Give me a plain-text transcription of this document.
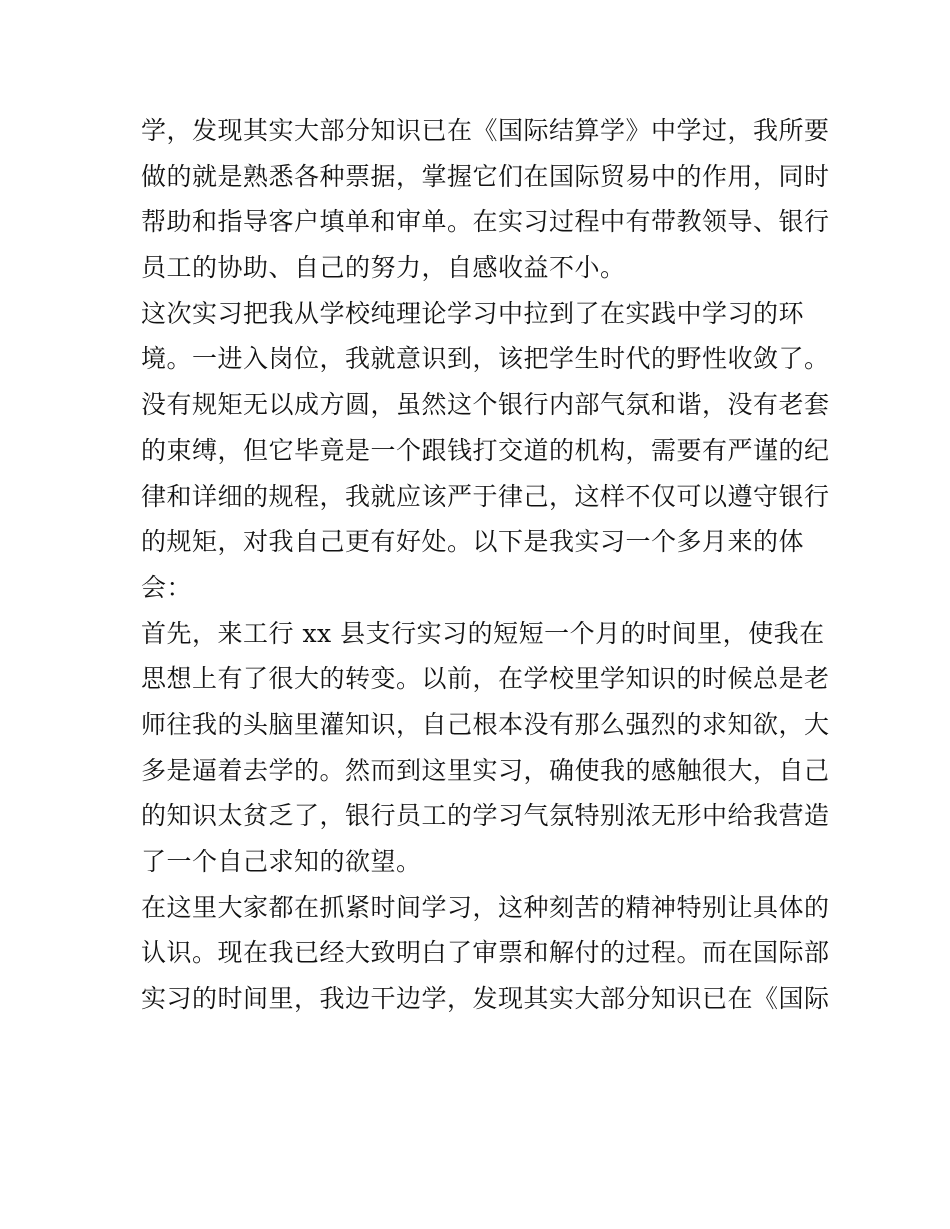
学，发现其实大部分知识已在《国际结算学》中学过，我所要
做的就是熟悉各种票据，掌握它们在国际贸易中的作用，同时
帮助和指导客户填单和审单。在实习过程中有带教领导、银行
员工的协助、自己的努力，自感收益不小。
这次实习把我从学校纯理论学习中拉到了在实践中学习的环
境。一进入岗位，我就意识到，该把学生时代的野性收敛了。
没有规矩无以成方圆，虽然这个银行内部气氛和谐，没有老套
的束缚，但它毕竟是一个跟钱打交道的机构，需要有严谨的纪
律和详细的规程，我就应该严于律己，这样不仅可以遵守银行
的规矩，对我自己更有好处。以下是我实习一个多月来的体
会：
首先，来工行 xx 县支行实习的短短一个月的时间里，使我在
思想上有了很大的转变。以前，在学校里学知识的时候总是老
师往我的头脑里灌知识，自己根本没有那么强烈的求知欲，大
多是逼着去学的。然而到这里实习，确使我的感触很大，自己
的知识太贫乏了，银行员工的学习气氛特别浓无形中给我营造
了一个自己求知的欲望。
在这里大家都在抓紧时间学习，这种刻苦的精神特别让具体的
认识。现在我已经大致明白了审票和解付的过程。而在国际部
实习的时间里，我边干边学，发现其实大部分知识已在《国际
